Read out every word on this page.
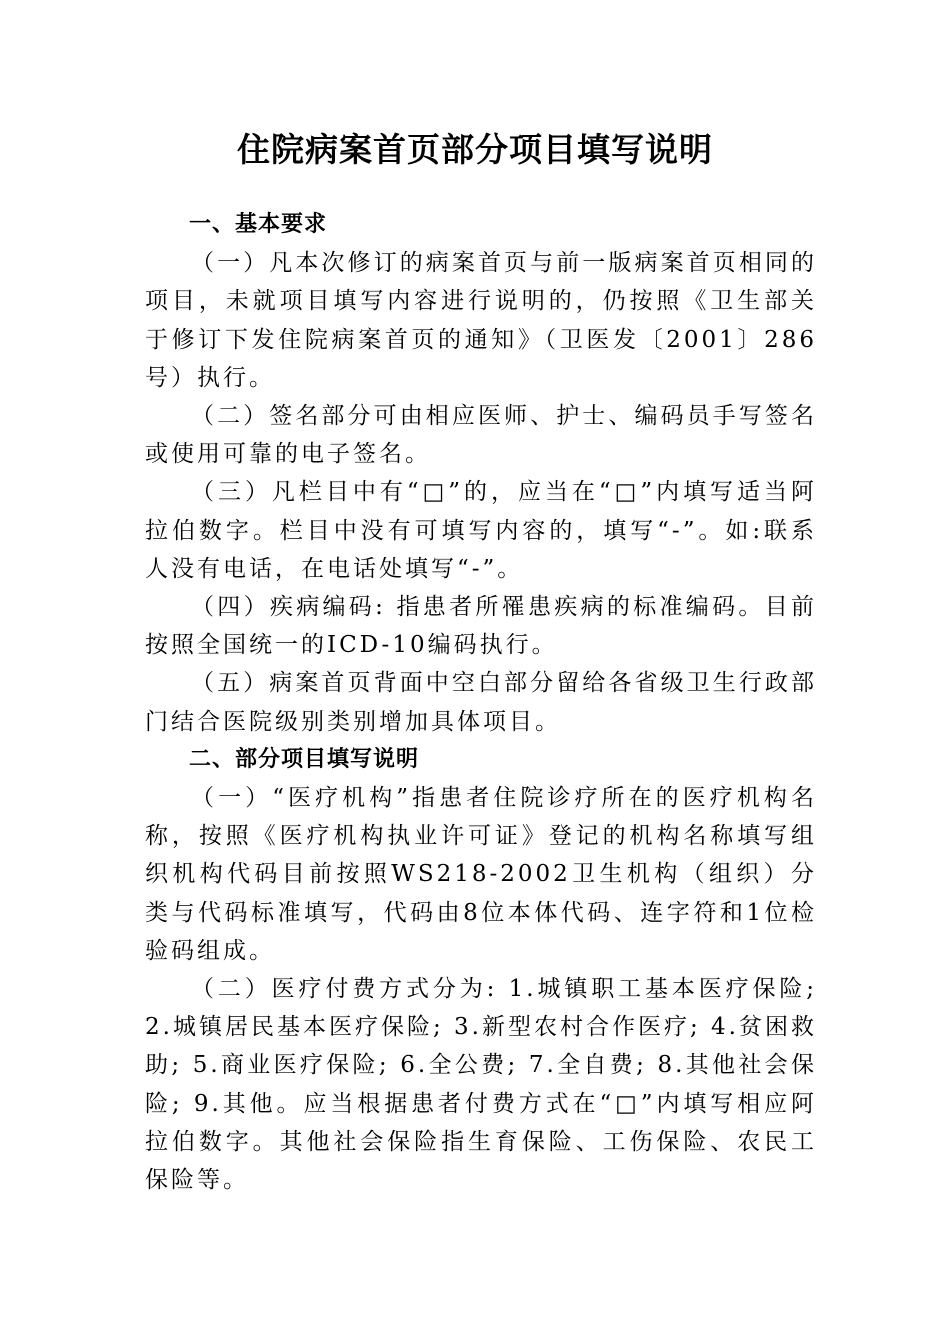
住院病案首页部分项目填写说明
一、基本要求

（一）凡本次修订的病案首页与前一版病案首页相同的项目，未就项目填写内容进行说明的，仍按照《卫生部关于修订下发住院病案首页的通知》（卫医发〔2001〕286号）执行。

（二）签名部分可由相应医师、护士、编码员手写签名或使用可靠的电子签名。

（三）凡栏目中有“□”的，应当在“□”内填写适当阿拉伯数字。栏目中没有可填写内容的，填写“-”。如:联系人没有电话，在电话处填写“-”。

（四）疾病编码: 指患者所罹患疾病的标准编码。目前按照全国统一的ICD-10编码执行。

（五）病案首页背面中空白部分留给各省级卫生行政部门结合医院级别类别增加具体项目。

二、部分项目填写说明

（一）“医疗机构”指患者住院诊疗所在的医疗机构名称，按照《医疗机构执业许可证》登记的机构名称填写组织机构代码目前按照WS218-2002卫生机构（组织）分类与代码标准填写，代码由8位本体代码、连字符和1位检验码组成。

（二）医疗付费方式分为: 1.城镇职工基本医疗保险; 2.城镇居民基本医疗保险; 3.新型农村合作医疗; 4.贫困救助; 5.商业医疗保险; 6.全公费; 7.全自费; 8.其他社会保险; 9.其他。应当根据患者付费方式在“□”内填写相应阿拉伯数字。其他社会保险指生育保险、工伤保险、农民工保险等。
